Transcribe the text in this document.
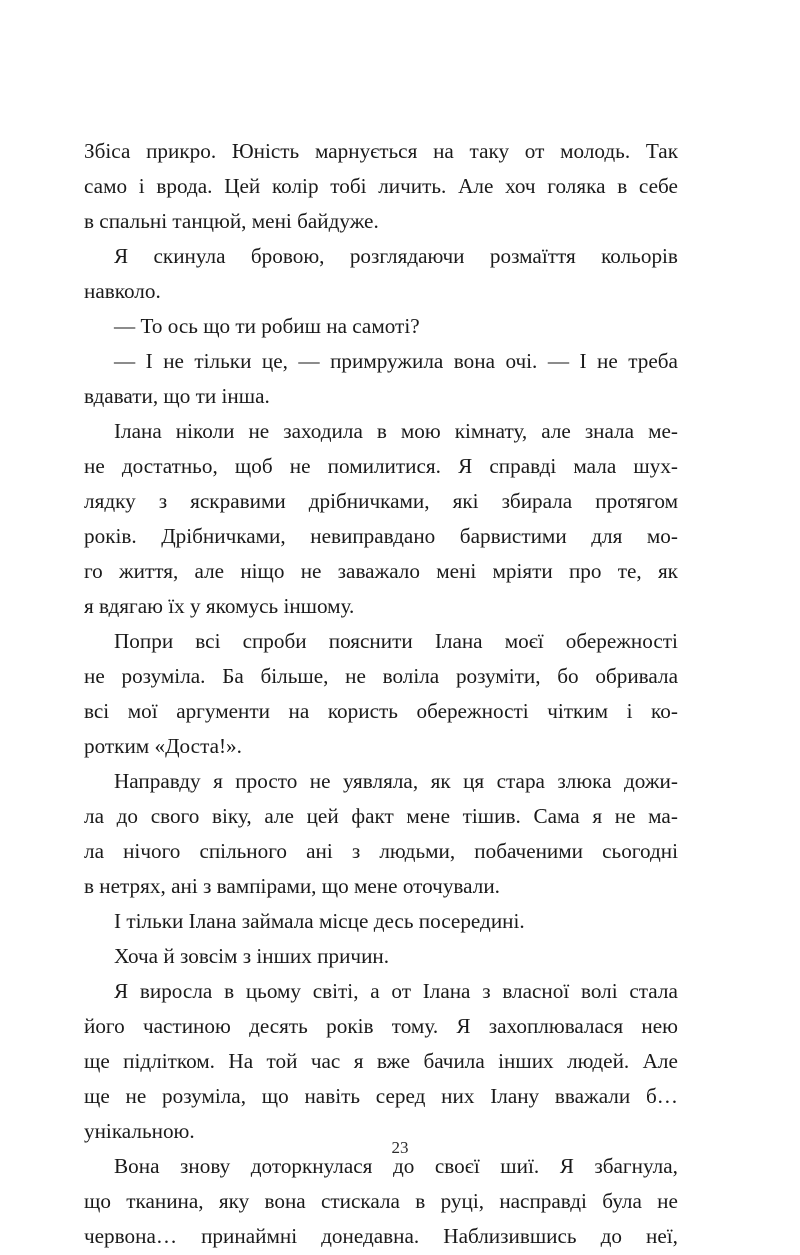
Збіса прикро. Юність марнується на таку от молодь. Так
само і врода. Цей колір тобі личить. Але хоч голяка в себе
в спальні танцюй, мені байдуже.

Я скинула бровою, розглядаючи розмаїття кольорів
навколо.

— То ось що ти робиш на самоті?

— І не тільки це, — примружила вона очі. — І не треба
вдавати, що ти інша.

Ілана ніколи не заходила в мою кімнату, але знала ме-
не достатньо, щоб не помилитися. Я справді мала шух-
лядку з яскравими дрібничками, які збирала протягом
років. Дрібничками, невиправдано барвистими для мо-
го життя, але ніщо не заважало мені мріяти про те, як
я вдягаю їх у якомусь іншому.

Попри всі спроби пояснити Ілана моєї обережності
не розуміла. Ба більше, не воліла розуміти, бо обривала
всі мої аргументи на користь обережності чітким і ко-
ротким «Доста!».

Направду я просто не уявляла, як ця стара злюка дожи-
ла до свого віку, але цей факт мене тішив. Сама я не ма-
ла нічого спільного ані з людьми, побаченими сьогодні
в нетрях, ані з вампірами, що мене оточували.

І тільки Ілана займала місце десь посередині.

Хоча й зовсім з інших причин.

Я виросла в цьому світі, а от Ілана з власної волі стала
його частиною десять років тому. Я захоплювалася нею
ще підлітком. На той час я вже бачила інших людей. Але
ще не розуміла, що навіть серед них Ілану вважали б…
унікальною.

Вона знову доторкнулася до своєї шиї. Я збагнула,
що тканина, яку вона стискала в руці, насправді була не
червона… принаймні донедавна. Наблизившись до неї,

23
